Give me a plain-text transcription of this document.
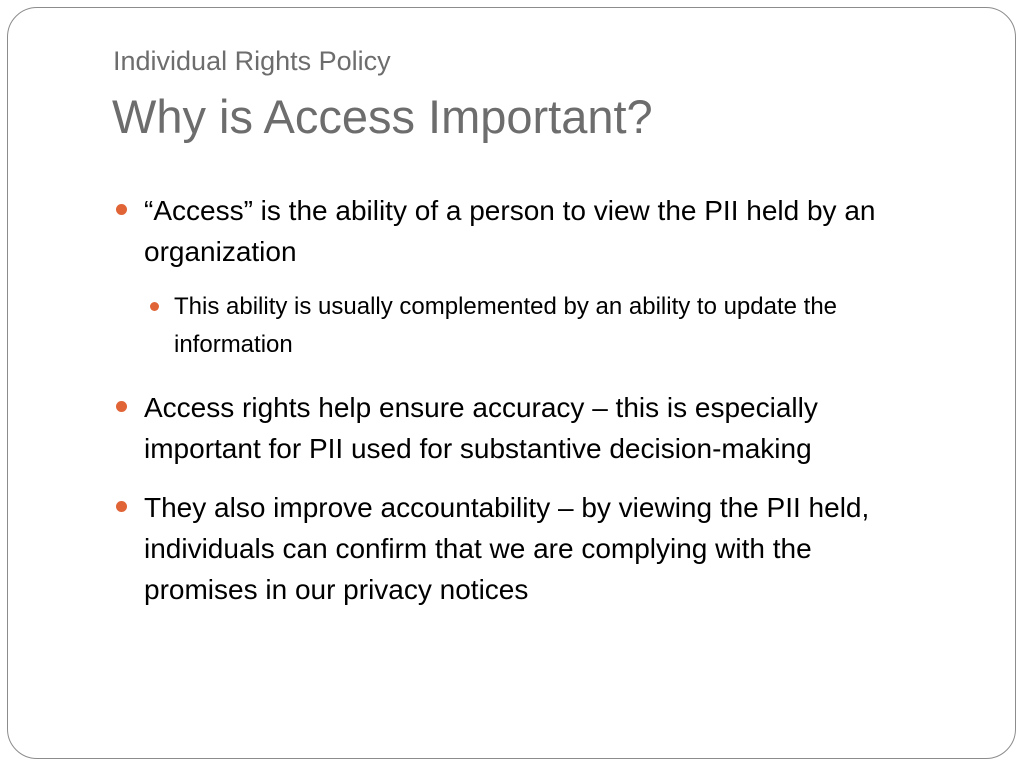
Individual Rights Policy
Why is Access Important?
“Access” is the ability of a person to view the PII held by an organization
This ability is usually complemented by an ability to update the information
Access rights help ensure accuracy – this is especially important for PII used for substantive decision-making
They also improve accountability – by viewing the PII held, individuals can confirm that we are complying with the promises in our privacy notices
